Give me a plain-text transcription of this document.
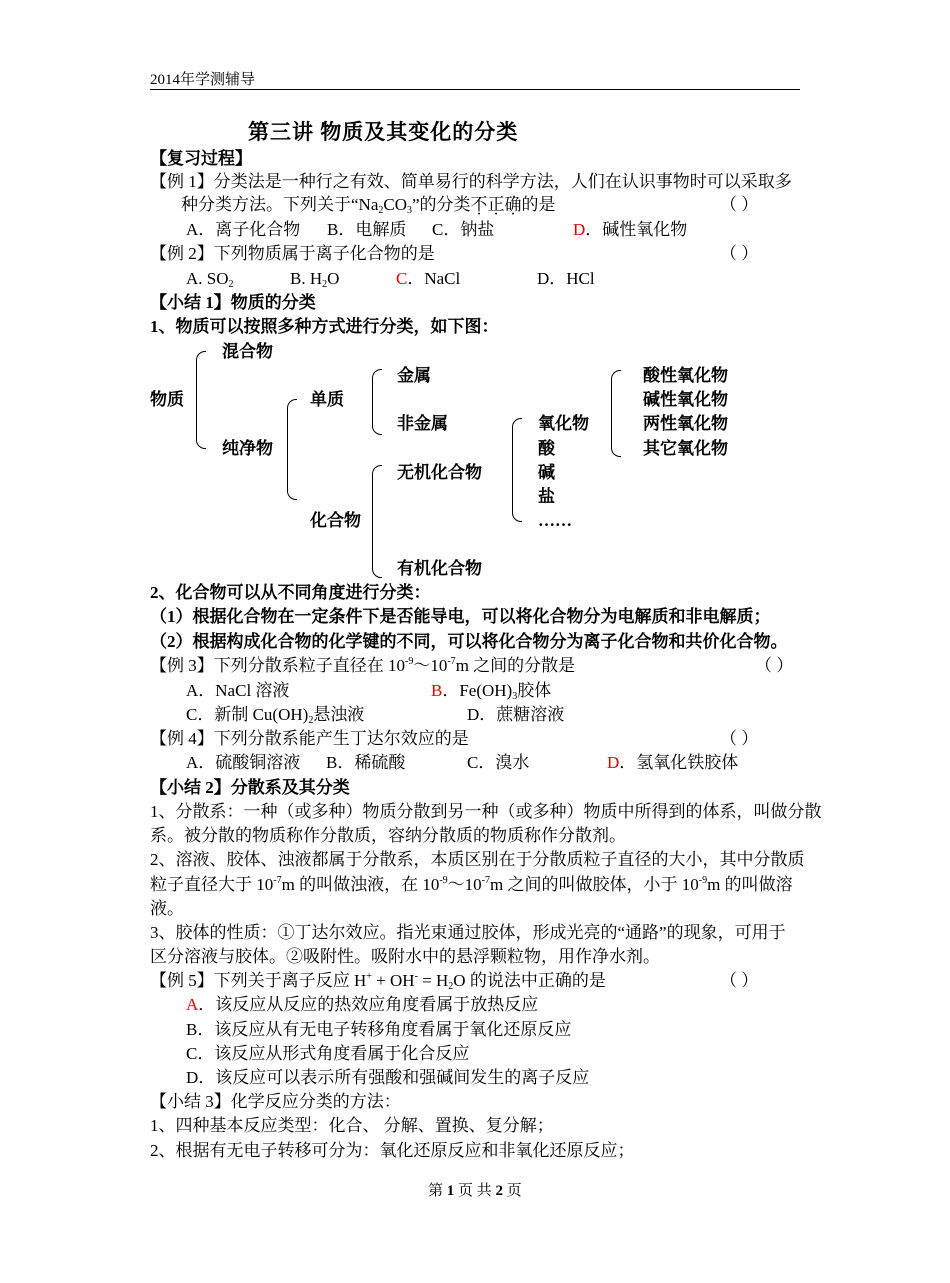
2014年学测辅导
第三讲 物质及其变化的分类
【复习过程】
【例 1】分类法是一种行之有效、简单易行的科学方法，人们在认识事物时可以采取多
种分类方法。下列关于“$Na_2CO_3$”的分类不正确的是	（ ）
A．离子化合物 B．电解质 C．钠盐	D．碱性氧化物
【例 2】下列物质属于离子化合物的是	（ ）
A. $SO_2$	B. $H_2O$	C．NaCl	D．HCl
【小结 1】物质的分类
1、物质可以按照多种方式进行分类，如下图：
物质
混合物
纯净物
单质
化合物
金属
非金属
无机化合物
有机化合物
氧化物
酸
碱
盐
……
酸性氧化物
碱性氧化物
两性氧化物
其它氧化物
2、化合物可以从不同角度进行分类：
（1）根据化合物在一定条件下是否能导电，可以将化合物分为电解质和非电解质；
（2）根据构成化合物的化学键的不同，可以将化合物分为离子化合物和共价化合物。
【例 3】下列分散系粒子直径在 $10^{-9}\sim 10^{-7}m$ 之间的分散是	（ ）
A．NaCl 溶液	B．$Fe(OH)_3$胶体
C．新制 $Cu(OH)_2$悬浊液	D．蔗糖溶液
【例 4】下列分散系能产生丁达尔效应的是	（ ）
A．硫酸铜溶液 B．稀硫酸	C．溴水	D．氢氧化铁胶体
【小结 2】分散系及其分类
1、分散系：一种（或多种）物质分散到另一种（或多种）物质中所得到的体系，叫做分散
系。被分散的物质称作分散质，容纳分散质的物质称作分散剂。
2、溶液、胶体、浊液都属于分散系，本质区别在于分散质粒子直径的大小，其中分散质
粒子直径大于 $10^{-7}m$ 的叫做浊液，在 $10^{-9}\sim 10^{-7}m$ 之间的叫做胶体，小于 $10^{-9}m$ 的叫做溶
液。
3、胶体的性质：①丁达尔效应。指光束通过胶体，形成光亮的“通路”的现象，可用于
区分溶液与胶体。②吸附性。吸附水中的悬浮颗粒物，用作净水剂。
【例 5】下列关于离子反应 $H^+ + OH^- = H_2O$ 的说法中正确的是	（ ）
A．该反应从反应的热效应角度看属于放热反应
B．该反应从有无电子转移角度看属于氧化还原反应
C．该反应从形式角度看属于化合反应
D．该反应可以表示所有强酸和强碱间发生的离子反应
【小结 3】化学反应分类的方法：
1、四种基本反应类型：化合、 分解、置换、复分解；
2、根据有无电子转移可分为：氧化还原反应和非氧化还原反应；
第 1 页 共 2 页
